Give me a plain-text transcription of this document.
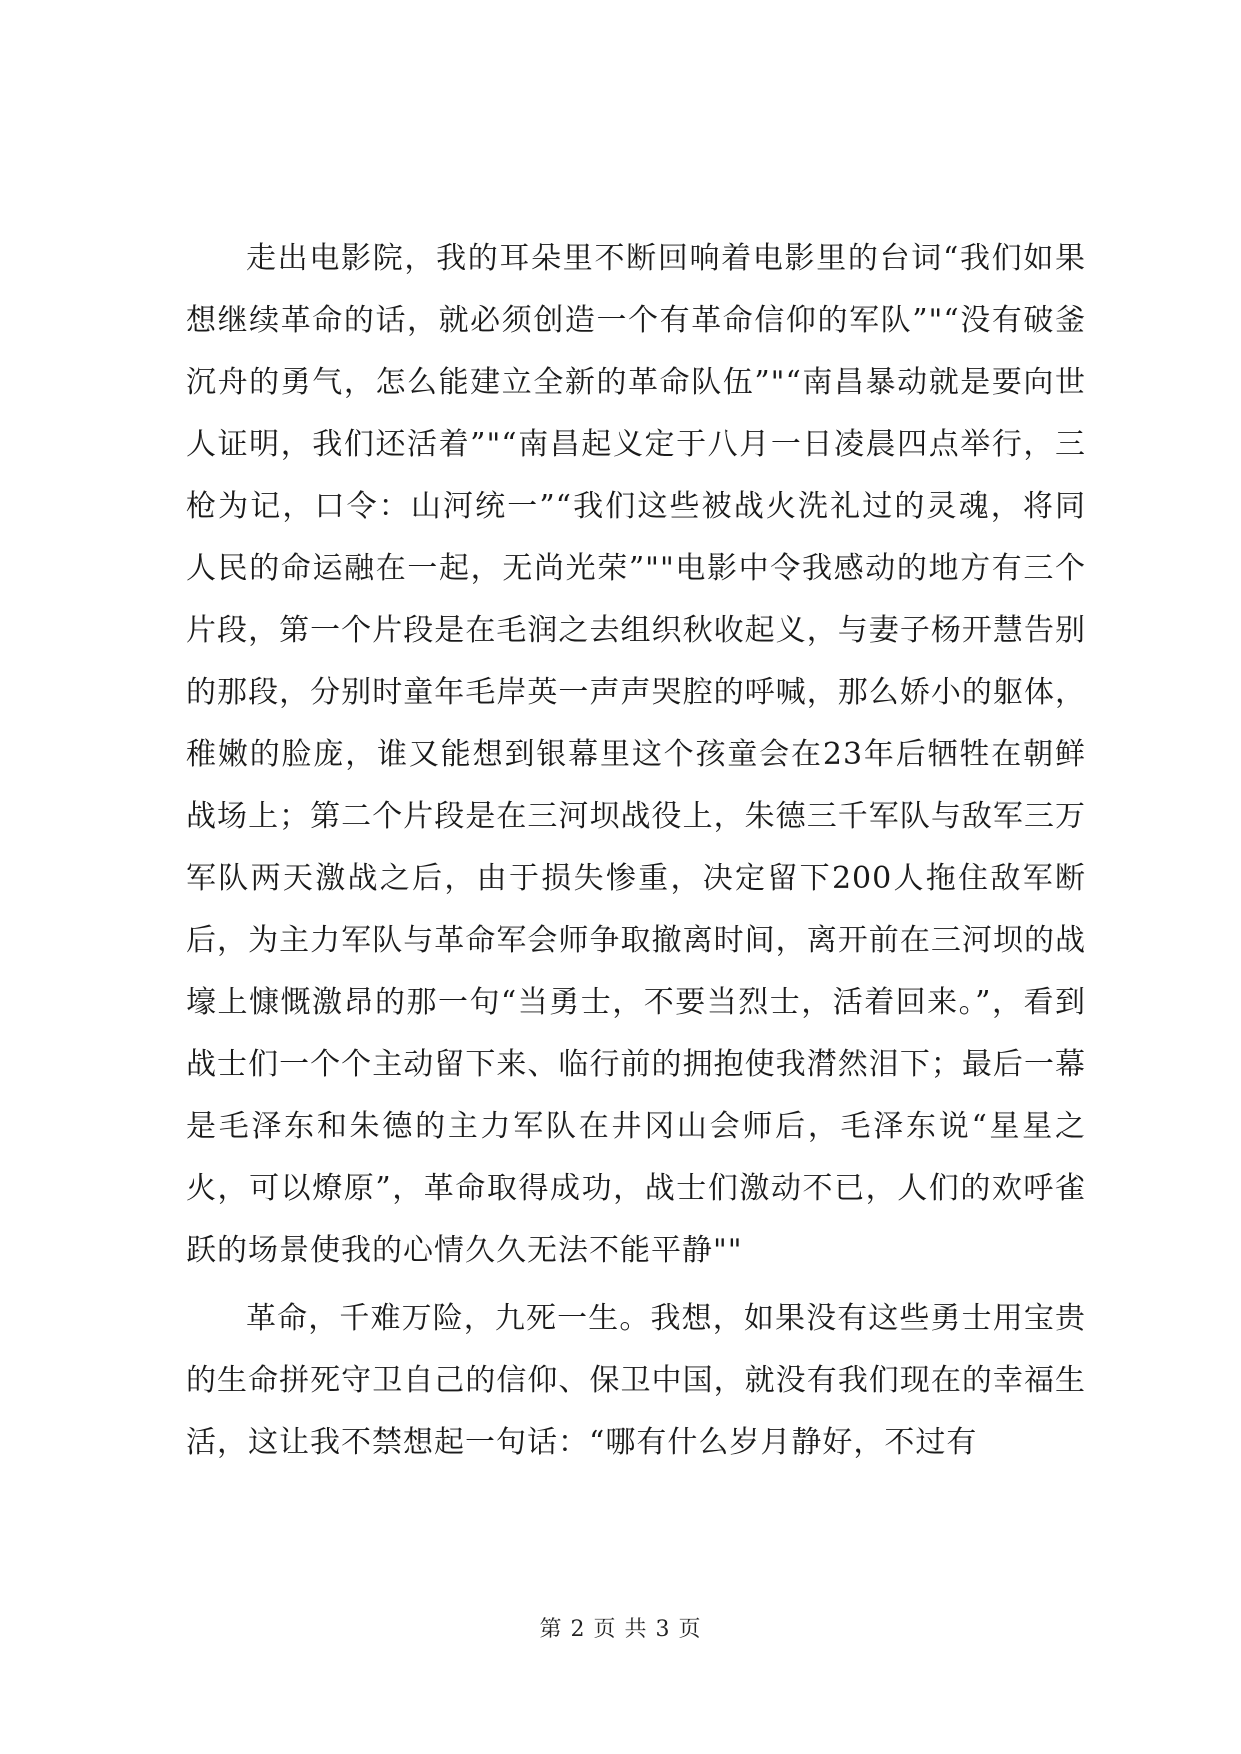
走出电影院，我的耳朵里不断回响着电影里的台词“我们如果想继续革命的话，就必须创造一个有革命信仰的军队”"“没有破釜沉舟的勇气，怎么能建立全新的革命队伍”"“南昌暴动就是要向世人证明，我们还活着”"“南昌起义定于八月一日凌晨四点举行，三枪为记，口令：山河统一”“我们这些被战火洗礼过的灵魂，将同人民的命运融在一起，无尚光荣”""电影中令我感动的地方有三个片段，第一个片段是在毛润之去组织秋收起义，与妻子杨开慧告别的那段，分别时童年毛岸英一声声哭腔的呼喊，那么娇小的躯体，稚嫩的脸庞，谁又能想到银幕里这个孩童会在23年后牺牲在朝鲜战场上；第二个片段是在三河坝战役上，朱德三千军队与敌军三万军队两天激战之后，由于损失惨重，决定留下200人拖住敌军断后，为主力军队与革命军会师争取撤离时间，离开前在三河坝的战壕上慷慨激昂的那一句“当勇士，不要当烈士，活着回来。”，看到战士们一个个主动留下来、临行前的拥抱使我潸然泪下；最后一幕是毛泽东和朱德的主力军队在井冈山会师后，毛泽东说“星星之火，可以燎原”，革命取得成功，战士们激动不已，人们的欢呼雀跃的场景使我的心情久久无法不能平静""

革命，千难万险，九死一生。我想，如果没有这些勇士用宝贵的生命拼死守卫自己的信仰、保卫中国，就没有我们现在的幸福生活，这让我不禁想起一句话：“哪有什么岁月静好，不过有

第 2 页 共 3 页
